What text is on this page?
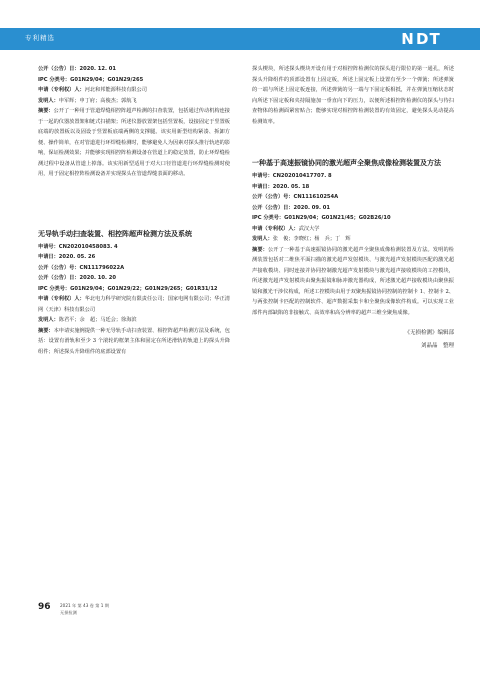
专利精选	NDT

公开（公告）日：2020. 12. 01

IPC 分类号：G01N29/04；G01N29/265

申请（专利权）人：河北和邦能源科技有限公司

发明人：申军辉；申丁府；高俊杰；郭航飞

摘要：公开了一种用于管道焊缝相控阵超声检测的扫查装置，包括通过传动机构连接于一起的仪器放置架和链式扫描架；所述仪器放置架包括竖置板，设接固定于竖置板底端的放置板以及固设于竖置板底端两侧的支撑腿。该实用新型结构紧凑、拆卸方便、操作简单，在对管道进行环焊缝检测时，能够避免人为因素对探头推行轨迹的影响，保证检测效果；并能够实现相控阵检测设备在管道上的稳定放置，防止环焊缝检测过程中设备从管道上掉落。该实用新型适用于对大口径管道进行环焊缝检测时使用，用于固定相控阵检测设备并实现探头在管道焊缝表面的移动。

无导轨手动扫查装置、相控阵超声检测方法及系统

申请号：CN202010458083. 4

申请日：2020. 05. 26

公开（公告）号：CN111796022A

公开（公告）日：2020. 10. 20

IPC 分类号：G01N29/04；G01N29/22；G01N29/265；G01R31/12

申请（专利权）人：华北电力科学研究院有限责任公司；国家电网有限公司；华正清网（天津）科技有限公司

发明人：陈君平；余　超；马廷会；徐海滨

摘要：本申请实施例提供一种无导轨手动扫查装置、相控阵超声检测方法及系统，包括：设置有滑轨和至少 3 个滚轮的框架主体和固定在所述滑轨的轨道上的探头升降组件；所述探头升降组件的底部设置有

探头楔块，所述探头楔块开设有用于对相控阵检测仪的探头进行限位的第一通孔，所述探头升降组件的顶部设置有上固定板，所述上固定板上设置有至少一个弹簧；所述弹簧的一端与所述上固定板连接，所述弹簧的另一端与下固定板相抵，并在弹簧压缩状态时向所述下固定板和夹持隔施加一垂直向下的压力，以便所述相控阵检测仪的探头与待扫查物体的检测面紧密贴合；能够实现对相控阵检测装置的有效固定，避免探头晃动提高检测效率。

一种基于高速振镜协同的激光超声全聚焦成像检测装置及方法

申请号：CN202010417707. 8

申请日：2020. 05. 18

公开（公告）号：CN111610254A

公开（公告）日：2020. 09. 01

IPC 分类号：G01N29/04；G01N21/45；G02B26/10

申请（专利权）人：武汉大学

发明人：张　俊；李晓红；杨　兵；丁　辉

摘要：公开了一种基于高速振镜协同的激光超声全聚焦成像检测装置及方法。发明的检测装置包括对二维焦平面扫描的激光超声发射模块、与激光超声发射模块匹配的激光超声接收模块、同时连接并协同控制激光超声发射模块与激光超声接收模块的工控模块，所述激光超声发射模块由聚焦振镜和脉冲激光器构成，所述激光超声接收模块由聚焦振镜和激光干涉仪构成，所述工控模块由用于双聚焦振镜协同控制的控制卡 1、控制卡 2、与两张控制卡匹配的控制软件、超声数据采集卡和全聚焦成像软件构成。可以实现工业部件内部缺陷的非接触式、高效率和高分辨率的超声三维全聚焦成像。

《无损检测》编辑部

刘晶晶　整理

96 2021 年 第 43 卷 第 1 期
无损检测
